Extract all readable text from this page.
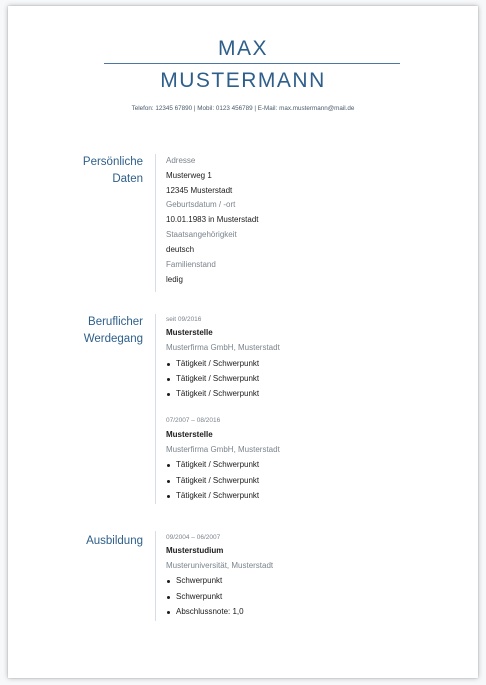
MAX
MUSTERMANN
Telefon: 12345 67890 | Mobil: 0123 456789 | E-Mail: max.mustermann@mail.de
Persönliche
Daten
Adresse
Musterweg 1
12345 Musterstadt
Geburtsdatum / -ort
10.01.1983 in Musterstadt
Staatsangehörigkeit
deutsch
Familienstand
ledig
Beruflicher
Werdegang
seit 09/2016
Musterstelle
Musterfirma GmbH, Musterstadt
Tätigkeit / Schwerpunkt
Tätigkeit / Schwerpunkt
Tätigkeit / Schwerpunkt
07/2007 – 08/2016
Musterstelle
Musterfirma GmbH, Musterstadt
Tätigkeit / Schwerpunkt
Tätigkeit / Schwerpunkt
Tätigkeit / Schwerpunkt
Ausbildung	09/2004 – 06/2007
Musterstudium
Musteruniversität, Musterstadt
Schwerpunkt
Schwerpunkt
Abschlussnote: 1,0
